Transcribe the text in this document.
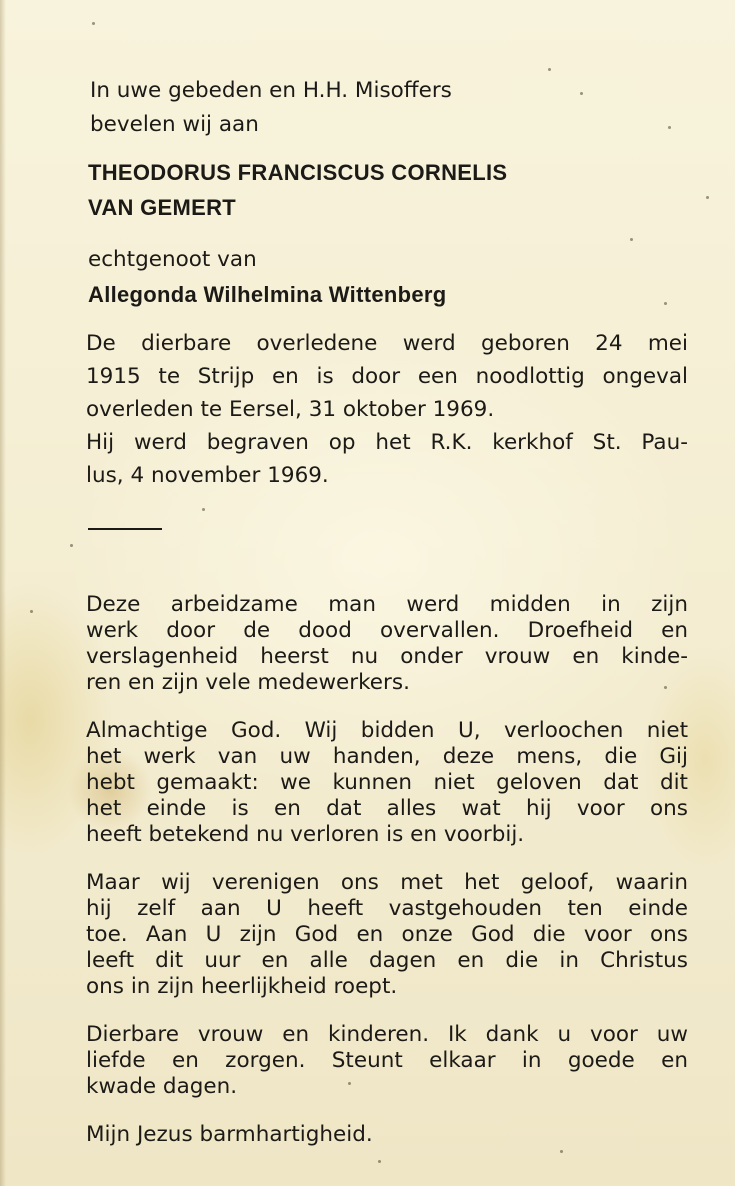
In uwe gebeden en H.H. Misoffers
bevelen wij aan
THEODORUS FRANCISCUS CORNELIS
VAN GEMERT
echtgenoot van
Allegonda Wilhelmina Wittenberg
De dierbare overledene werd geboren 24 mei
1915 te Strijp en is door een noodlottig ongeval
overleden te Eersel, 31 oktober 1969.
Hij werd begraven op het R.K. kerkhof St. Pau-
lus, 4 november 1969.
Deze arbeidzame man werd midden in zijn
werk door de dood overvallen. Droefheid en
verslagenheid heerst nu onder vrouw en kinde-
ren en zijn vele medewerkers.
Almachtige God. Wij bidden U, verloochen niet
het werk van uw handen, deze mens, die Gij
hebt gemaakt: we kunnen niet geloven dat dit
het einde is en dat alles wat hij voor ons
heeft betekend nu verloren is en voorbij.
Maar wij verenigen ons met het geloof, waarin
hij zelf aan U heeft vastgehouden ten einde
toe. Aan U zijn God en onze God die voor ons
leeft dit uur en alle dagen en die in Christus
ons in zijn heerlijkheid roept.
Dierbare vrouw en kinderen. Ik dank u voor uw
liefde en zorgen. Steunt elkaar in goede en
kwade dagen.
Mijn Jezus barmhartigheid.
